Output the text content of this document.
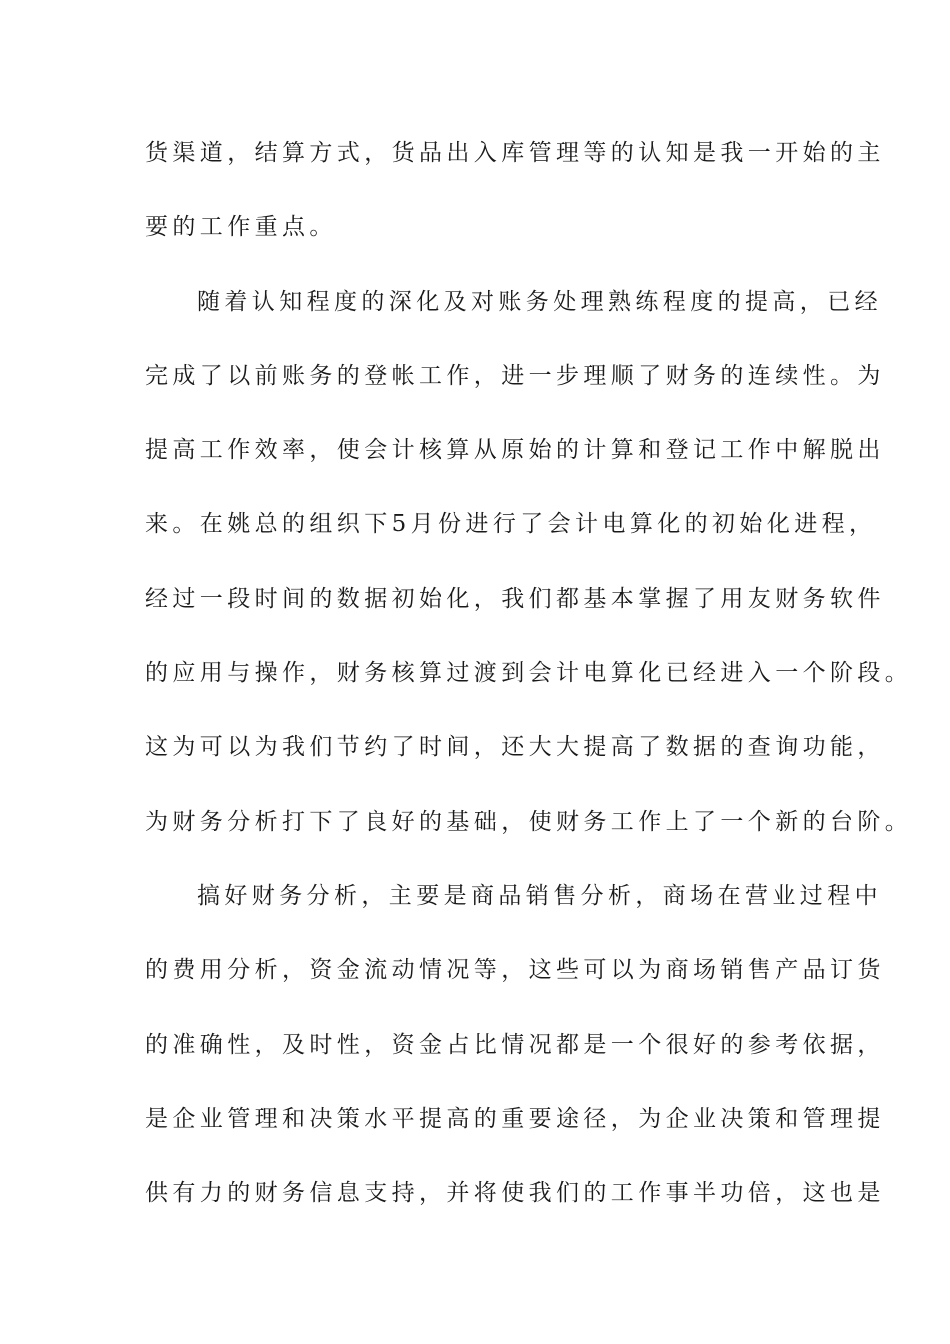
货渠道，结算方式，货品出入库管理等的认知是我一开始的主
要的工作重点。
随着认知程度的深化及对账务处理熟练程度的提高，已经
完成了以前账务的登帐工作，进一步理顺了财务的连续性。为
提高工作效率，使会计核算从原始的计算和登记工作中解脱出
来。在姚总的组织下5月份进行了会计电算化的初始化进程，
经过一段时间的数据初始化，我们都基本掌握了用友财务软件
的应用与操作，财务核算过渡到会计电算化已经进入一个阶段。
这为可以为我们节约了时间，还大大提高了数据的查询功能，
为财务分析打下了良好的基础，使财务工作上了一个新的台阶。
搞好财务分析，主要是商品销售分析，商场在营业过程中
的费用分析，资金流动情况等，这些可以为商场销售产品订货
的准确性，及时性，资金占比情况都是一个很好的参考依据，
是企业管理和决策水平提高的重要途径，为企业决策和管理提
供有力的财务信息支持，并将使我们的工作事半功倍，这也是
